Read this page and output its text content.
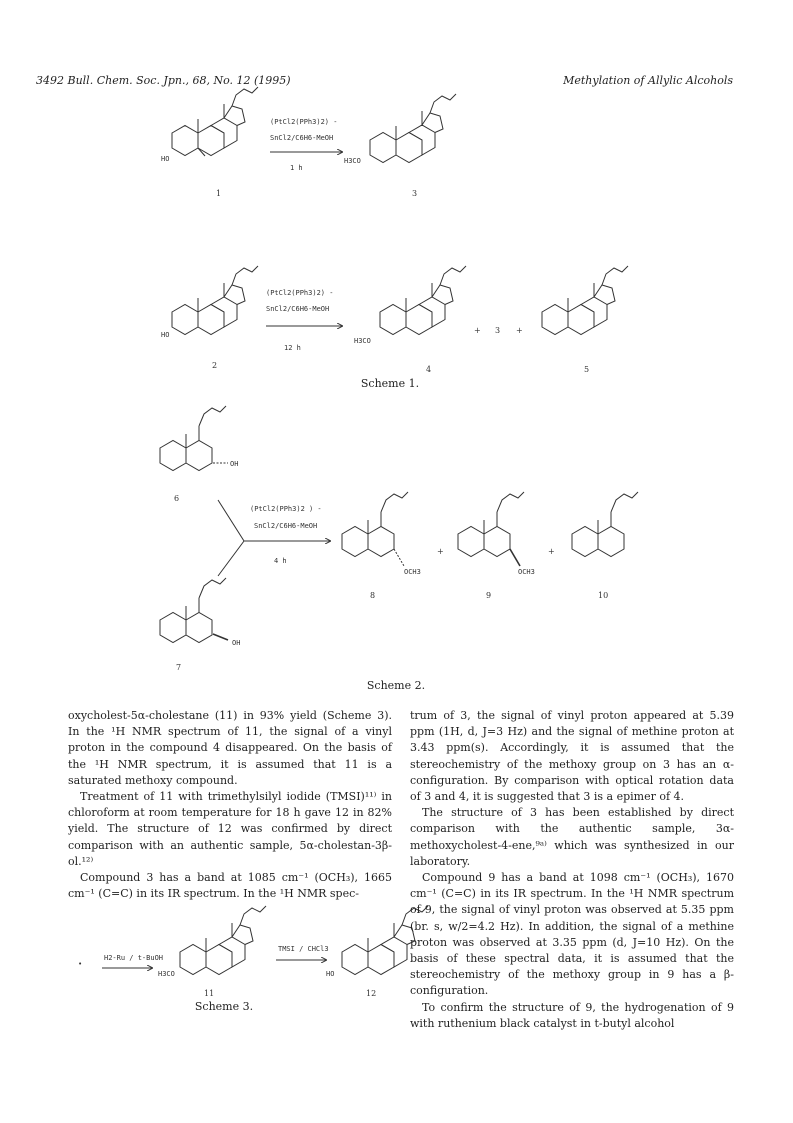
3492 Bull. Chem. Soc. Jpn., 68, No. 12 (1995)	Methylation of Allylic Alcohols
HO
1
(PtCl2(PPh3)2) -
SnCl2/C6H6-MeOH
1 h
H3CO
3
HO
2
(PtCl2(PPh3)2) -
SnCl2/C6H6-MeOH
12 h
H3CO
4
+ 3 +
5
OH
6
(PtCl2(PPh3)2 ) -
SnCl2/C6H6-MeOH
4 h
OH
7
OCH3
8
+
OCH3
9
+
10
•
H2-Ru / t-BuOH
H3CO
11
TMSI / CHCl3
HO
12
Scheme 1.
Scheme 2.
Scheme 3.

oxycholest-5α-cholestane (11) in 93% yield (Scheme 3). In the ¹H NMR spectrum of 11, the signal of a vinyl proton in the compound 4 disappeared. On the basis of the ¹H NMR spectrum, it is assumed that 11 is a saturated methoxy compound.

Treatment of 11 with trimethylsilyl iodide (TMSI)¹¹⁾ in chloroform at room temperature for 18 h gave 12 in 82% yield. The structure of 12 was confirmed by direct comparison with an authentic sample, 5α-cholestan-3β-ol.¹²⁾

Compound 3 has a band at 1085 cm⁻¹ (OCH₃), 1665 cm⁻¹ (C=C) in its IR spectrum. In the ¹H NMR spec-

trum of 3, the signal of vinyl proton appeared at 5.39 ppm (1H, d, J=3 Hz) and the signal of methine proton at 3.43 ppm(s). Accordingly, it is assumed that the stereochemistry of the methoxy group on 3 has an α-configuration. By comparison with optical rotation data of 3 and 4, it is suggested that 3 is a epimer of 4.

The structure of 3 has been established by direct comparison with the authentic sample, 3α-methoxycholest-4-ene,⁹ᵃ⁾ which was synthesized in our laboratory.

Compound 9 has a band at 1098 cm⁻¹ (OCH₃), 1670 cm⁻¹ (C=C) in its IR spectrum. In the ¹H NMR spectrum of 9, the signal of vinyl proton was observed at 5.35 ppm (br. s, w/2=4.2 Hz). In addition, the signal of a methine proton was observed at 3.35 ppm (d, J=10 Hz). On the basis of these spectral data, it is assumed that the stereochemistry of the methoxy group in 9 has a β-configuration.

To confirm the structure of 9, the hydrogenation of 9 with ruthenium black catalyst in t-butyl alcohol
